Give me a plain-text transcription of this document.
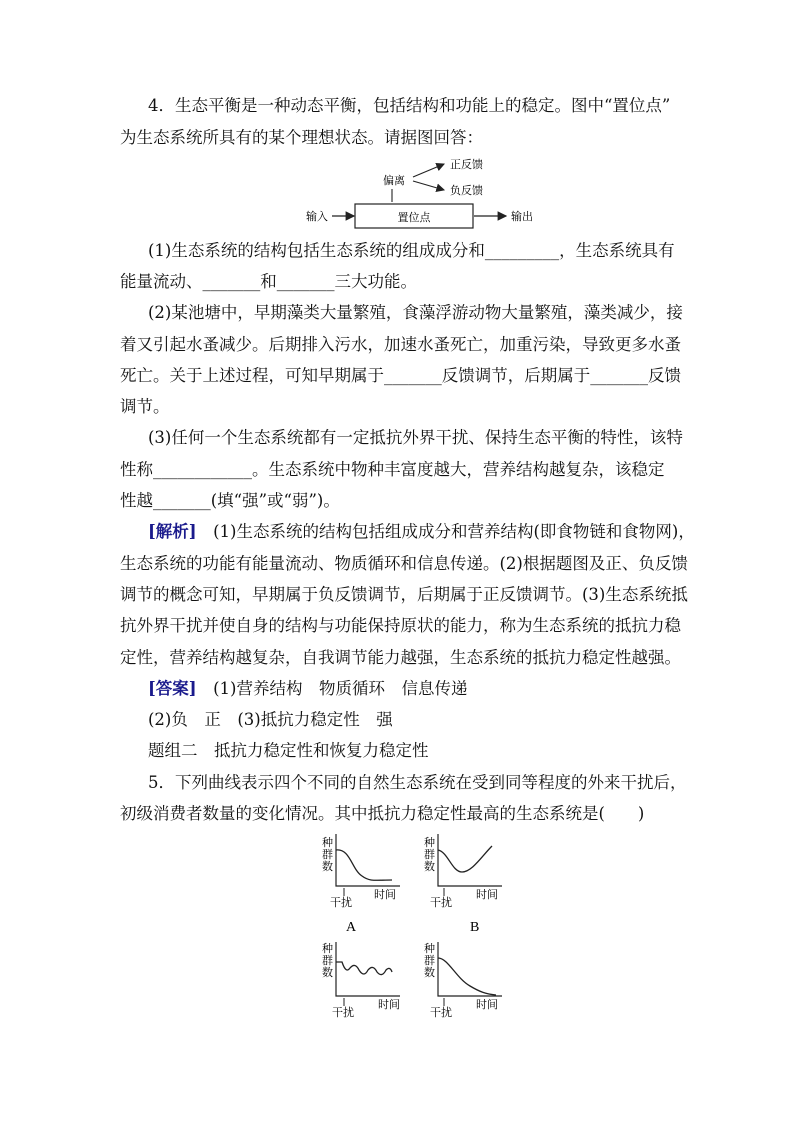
4．生态平衡是一种动态平衡，包括结构和功能上的稳定。图中“置位点”
为生态系统所具有的某个理想状态。请据图回答：
置位点
输入	输出
偏离
正反馈
负反馈
(1)生态系统的结构包括生态系统的组成成分和_________，生态系统具有
能量流动、_______和_______三大功能。
(2)某池塘中，早期藻类大量繁殖，食藻浮游动物大量繁殖，藻类减少，接
着又引起水蚤减少。后期排入污水，加速水蚤死亡，加重污染，导致更多水蚤
死亡。关于上述过程，可知早期属于_______反馈调节，后期属于_______反馈
调节。
(3)任何一个生态系统都有一定抵抗外界干扰、保持生态平衡的特性，该特
性称____________。生态系统中物种丰富度越大，营养结构越复杂，该稳定
性越_______(填“强”或“弱”)。
[解析]　(1)生态系统的结构包括组成成分和营养结构(即食物链和食物网)，
生态系统的功能有能量流动、物质循环和信息传递。(2)根据题图及正、负反馈
调节的概念可知，早期属于负反馈调节，后期属于正反馈调节。(3)生态系统抵
抗外界干扰并使自身的结构与功能保持原状的能力，称为生态系统的抵抗力稳
定性，营养结构越复杂，自我调节能力越强，生态系统的抵抗力稳定性越强。
[答案]　(1)营养结构　物质循环　信息传递
(2)负　正　(3)抵抗力稳定性　强
题组二　抵抗力稳定性和恢复力稳定性
5．下列曲线表示四个不同的自然生态系统在受到同等程度的外来干扰后，
初级消费者数量的变化情况。其中抵抗力稳定性最高的生态系统是(　　)
种
群
数
干扰
时间
A
种
群
数
干扰
时间
B
种
群
数
干扰
时间
种
群
数
干扰
时间
